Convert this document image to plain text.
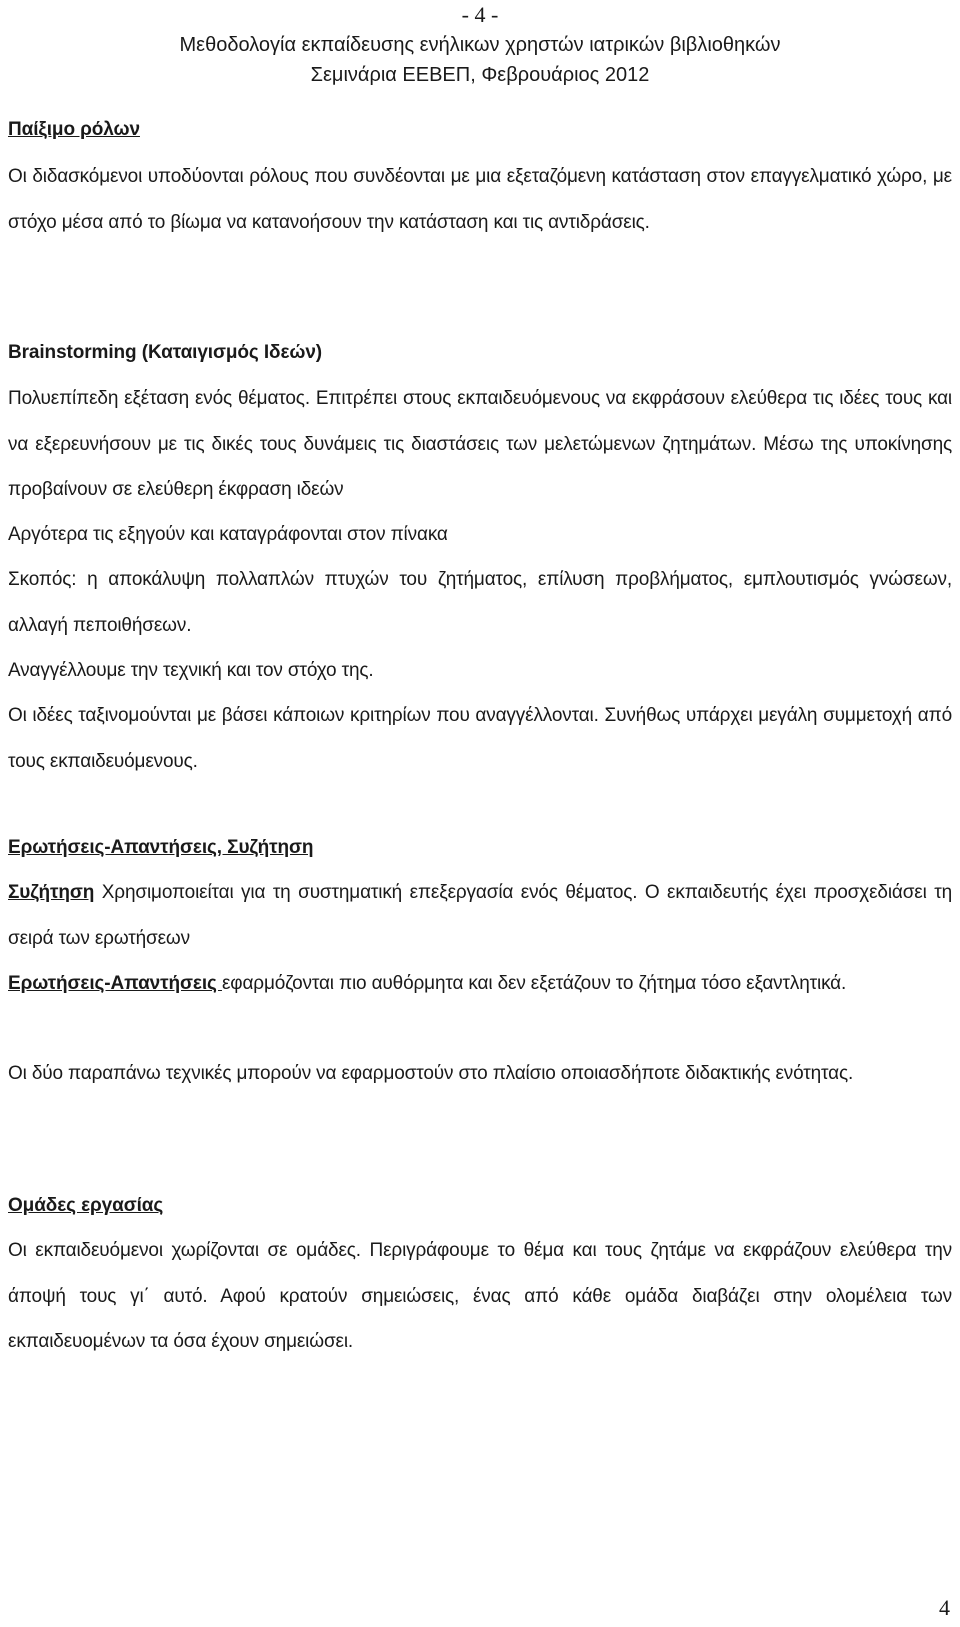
- 4 -
Μεθοδολογία εκπαίδευσης ενήλικων χρηστών ιατρικών βιβλιοθηκών
Σεμινάρια ΕΕΒΕΠ, Φεβρουάριος 2012
Παίξιμο ρόλων
Οι διδασκόμενοι υποδύονται ρόλους που συνδέονται με μια εξεταζόμενη κατάσταση στον επαγγελματικό χώρο, με στόχο μέσα από το βίωμα να κατανοήσουν την κατάσταση και τις αντιδράσεις.
Brainstorming (Καταιγισμός Ιδεών)
Πολυεπίπεδη εξέταση ενός θέματος. Επιτρέπει στους εκπαιδευόμενους να εκφράσουν ελεύθερα τις ιδέες τους και να εξερευνήσουν με τις δικές τους δυνάμεις τις διαστάσεις των μελετώμενων ζητημάτων. Μέσω της υποκίνησης προβαίνουν σε ελεύθερη έκφραση ιδεών
Αργότερα τις εξηγούν και καταγράφονται στον πίνακα
Σκοπός: η αποκάλυψη πολλαπλών πτυχών του ζητήματος, επίλυση προβλήματος, εμπλουτισμός γνώσεων, αλλαγή πεποιθήσεων.
Αναγγέλλουμε την τεχνική και τον στόχο της.
Οι ιδέες ταξινομούνται με βάσει κάποιων κριτηρίων που αναγγέλλονται. Συνήθως υπάρχει μεγάλη συμμετοχή από τους εκπαιδευόμενους.
Ερωτήσεις-Απαντήσεις, Συζήτηση
Συζήτηση Χρησιμοποιείται για τη συστηματική επεξεργασία ενός θέματος. Ο εκπαιδευτής έχει προσχεδιάσει τη σειρά των ερωτήσεων
Ερωτήσεις-Απαντήσεις εφαρμόζονται πιο αυθόρμητα και δεν εξετάζουν το ζήτημα τόσο εξαντλητικά.
Οι δύο παραπάνω τεχνικές μπορούν να εφαρμοστούν στο πλαίσιο οποιασδήποτε διδακτικής ενότητας.
Ομάδες εργασίας
Οι εκπαιδευόμενοι χωρίζονται σε ομάδες. Περιγράφουμε το θέμα και τους ζητάμε να εκφράζουν ελεύθερα την άποψή τους γι΄ αυτό. Αφού κρατούν σημειώσεις, ένας από κάθε ομάδα διαβάζει στην ολομέλεια των εκπαιδευομένων τα όσα έχουν σημειώσει.
4
